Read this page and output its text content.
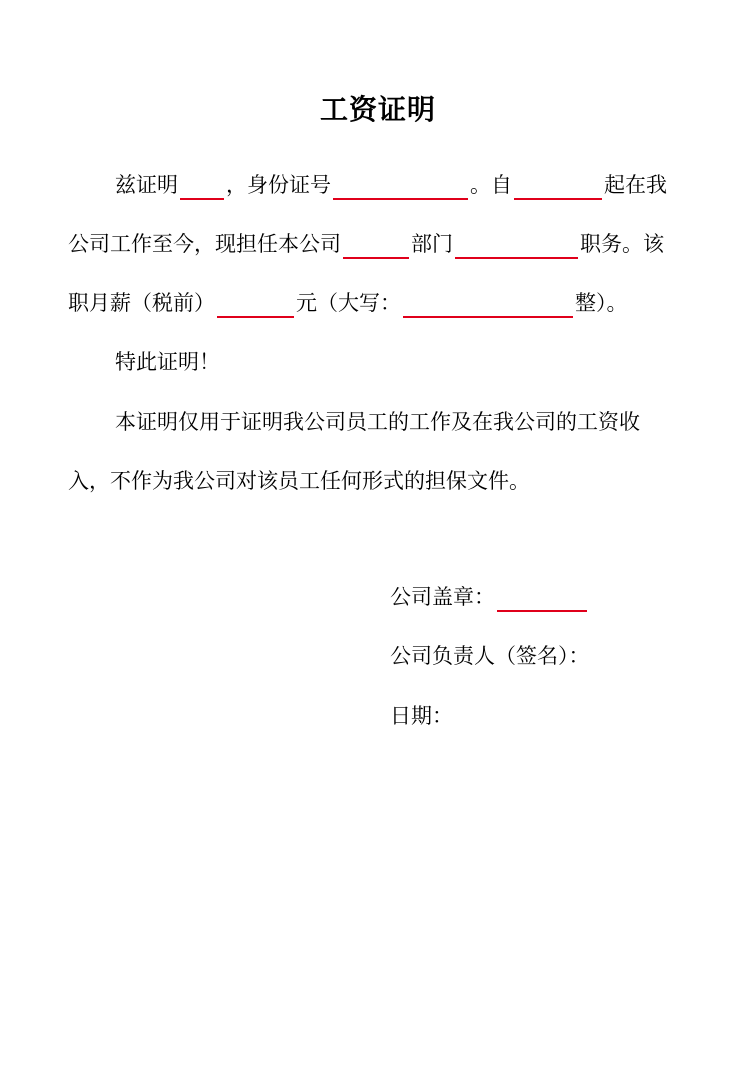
工资证明
兹证明 ，身份证号	。自	起在我
公司工作至今，现担任本公司	部门	职务。该
职月薪（税前）	元（大写：	整）。
特此证明！
本证明仅用于证明我公司员工的工作及在我公司的工资收
入，不作为我公司对该员工任何形式的担保文件。
公司盖章：
公司负责人（签名）：
日期：
